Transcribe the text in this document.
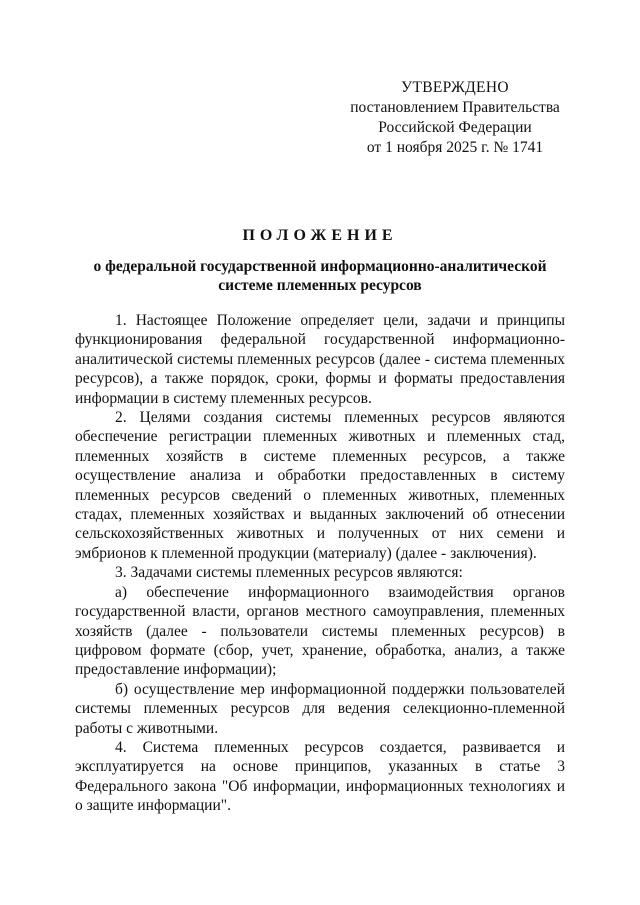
УТВЕРЖДЕНО
постановлением Правительства
Российской Федерации
от 1 ноября 2025 г. № 1741
ПОЛОЖЕНИЕ
о федеральной государственной информационно-аналитической
системе племенных ресурсов

1. Настоящее Положение определяет цели, задачи и принципы функционирования федеральной государственной информационно-аналитической системы племенных ресурсов (далее - система племенных ресурсов), а также порядок, сроки, формы и форматы предоставления информации в систему племенных ресурсов.

2. Целями создания системы племенных ресурсов являются обеспечение регистрации племенных животных и племенных стад, племенных хозяйств в системе племенных ресурсов, а также осуществление анализа и обработки предоставленных в систему племенных ресурсов сведений о племенных животных, племенных стадах, племенных хозяйствах и выданных заключений об отнесении сельскохозяйственных животных и полученных от них семени и эмбрионов к племенной продукции (материалу) (далее - заключения).

3. Задачами системы племенных ресурсов являются:

а) обеспечение информационного взаимодействия органов государственной власти, органов местного самоуправления, племенных хозяйств (далее - пользователи системы племенных ресурсов) в цифровом формате (сбор, учет, хранение, обработка, анализ, а также предоставление информации);

б) осуществление мер информационной поддержки пользователей системы племенных ресурсов для ведения селекционно-племенной работы с животными.

4. Система племенных ресурсов создается, развивается и эксплуатируется на основе принципов, указанных в статье 3 Федерального закона "Об информации, информационных технологиях и о защите информации".
